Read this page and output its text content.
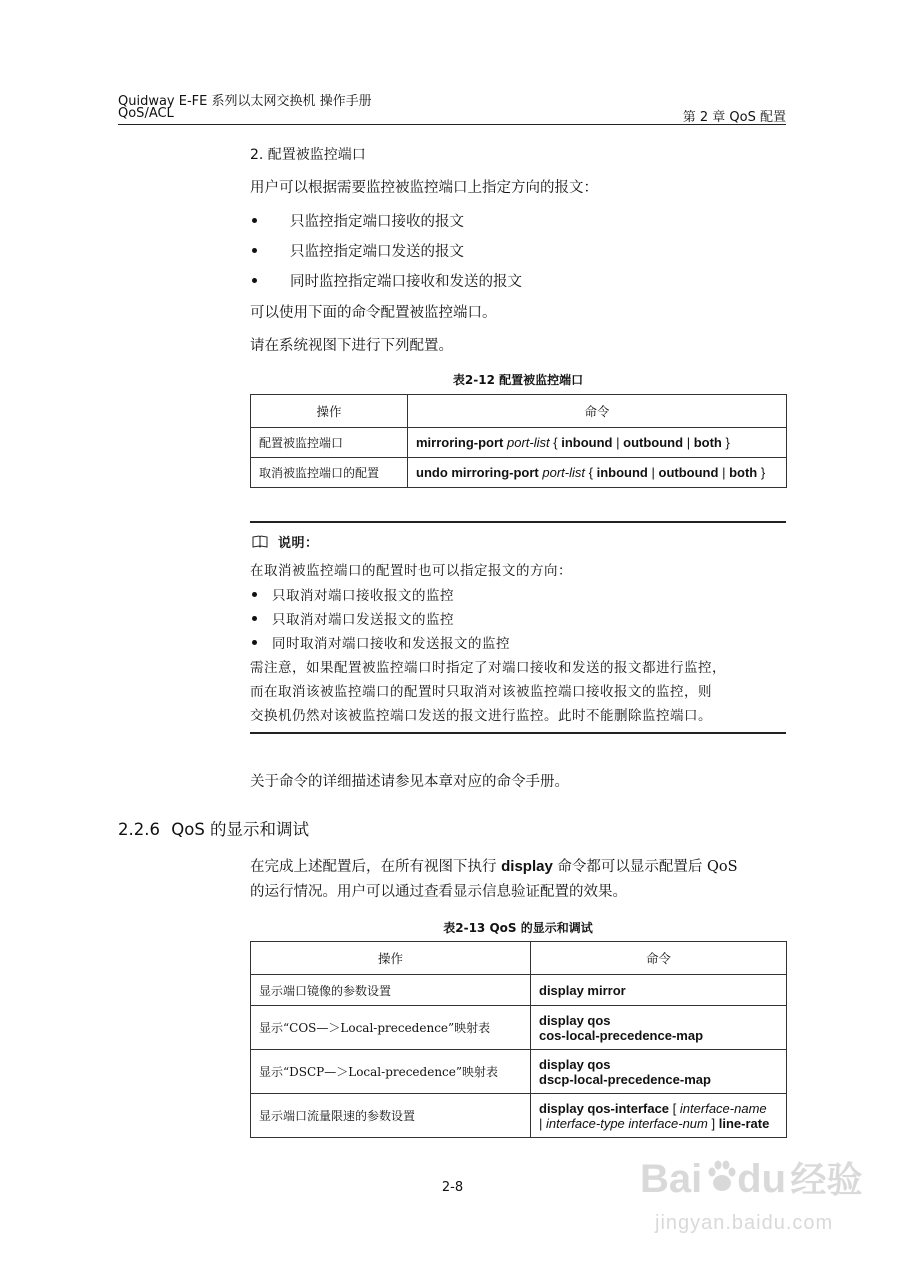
Quidway E-FE 系列以太网交换机 操作手册
QoS/ACL	第 2 章 QoS 配置
2. 配置被监控端口
用户可以根据需要监控被监控端口上指定方向的报文：
只监控指定端口接收的报文
只监控指定端口发送的报文
同时监控指定端口接收和发送的报文
可以使用下面的命令配置被监控端口。
请在系统视图下进行下列配置。
表2-12 配置被监控端口
操作	命令
配置被监控端口	mirroring-port port-list { inbound | outbound | both }
取消被监控端口的配置	undo mirroring-port port-list { inbound | outbound | both }
说明：
在取消被监控端口的配置时也可以指定报文的方向：
只取消对端口接收报文的监控
只取消对端口发送报文的监控
同时取消对端口接收和发送报文的监控
需注意，如果配置被监控端口时指定了对端口接收和发送的报文都进行监控，
而在取消该被监控端口的配置时只取消对该被监控端口接收报文的监控，则
交换机仍然对该被监控端口发送的报文进行监控。此时不能删除监控端口。
关于命令的详细描述请参见本章对应的命令手册。
2.2.6 QoS 的显示和调试
在完成上述配置后，在所有视图下执行 display 命令都可以显示配置后 QoS
的运行情况。用户可以通过查看显示信息验证配置的效果。
表2-13 QoS 的显示和调试
操作	命令
显示端口镜像的参数设置	display mirror
显示“COS—＞Local-precedence”映射表	display qos
cos-local-precedence-map

显示“DSCP—＞Local-precedence”映射表	display qos
dscp-local-precedence-map

显示端口流量限速的参数设置	display qos-interface [ interface-name
| interface-type interface-num ] line-rate
2-8	Bai du 经验
jingyan.baidu.com
